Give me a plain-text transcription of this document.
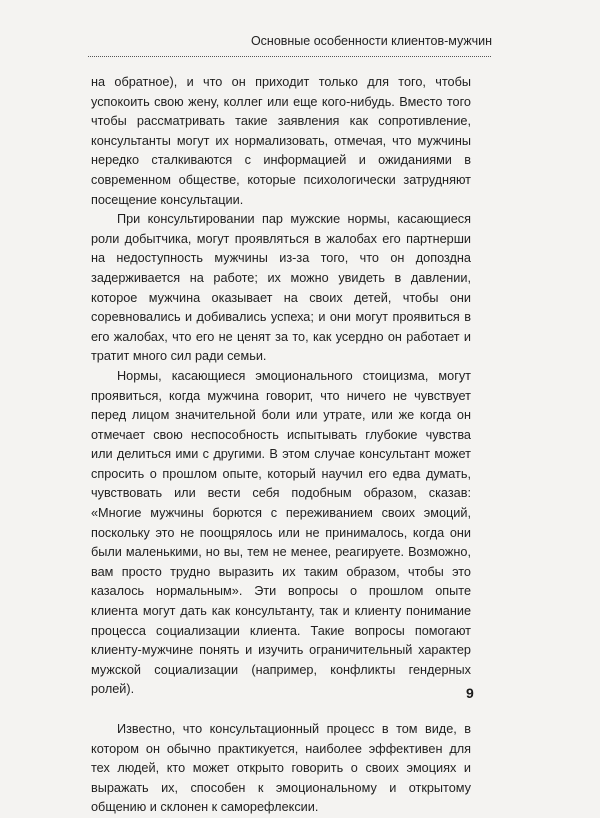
Основные особенности клиентов-мужчин

на обратное), и что он приходит только для того, чтобы успокоить свою жену, коллег или еще кого-нибудь. Вместо того чтобы рассматривать такие заявления как сопротивление, консультанты могут их нормализовать, отмечая, что мужчины нередко сталкиваются с информацией и ожиданиями в современном обществе, которые психологически затрудняют посещение консультации.

При консультировании пар мужские нормы, касающиеся роли добытчика, могут проявляться в жалобах его партнерши на недоступность мужчины из-за того, что он допоздна задерживается на работе; их можно увидеть в давлении, которое мужчина оказывает на своих детей, чтобы они соревновались и добивались успеха; и они могут проявиться в его жалобах, что его не ценят за то, как усердно он работает и тратит много сил ради семьи.

Нормы, касающиеся эмоционального стоицизма, могут проявиться, когда мужчина говорит, что ничего не чувствует перед лицом значительной боли или утрате, или же когда он отмечает свою неспособность испытывать глубокие чувства или делиться ими с другими. В этом случае консультант может спросить о прошлом опыте, который научил его едва думать, чувствовать или вести себя подобным образом, сказав: «Многие мужчины борются с переживанием своих эмоций, поскольку это не поощрялось или не принималось, когда они были маленькими, но вы, тем не менее, реагируете. Возможно, вам просто трудно выразить их таким образом, чтобы это казалось нормальным». Эти вопросы о прошлом опыте клиента могут дать как консультанту, так и клиенту понимание процесса социализации клиента. Такие вопросы помогают клиенту-мужчине понять и изучить ограничительный характер мужской социализации (например, конфликты гендерных ролей).

Известно, что консультационный процесс в том виде, в котором он обычно практикуется, наиболее эффективен для тех людей, кто может открыто говорить о своих эмоциях и выражать их, способен к эмоциональному и открытому общению и склонен к саморефлексии.

9
